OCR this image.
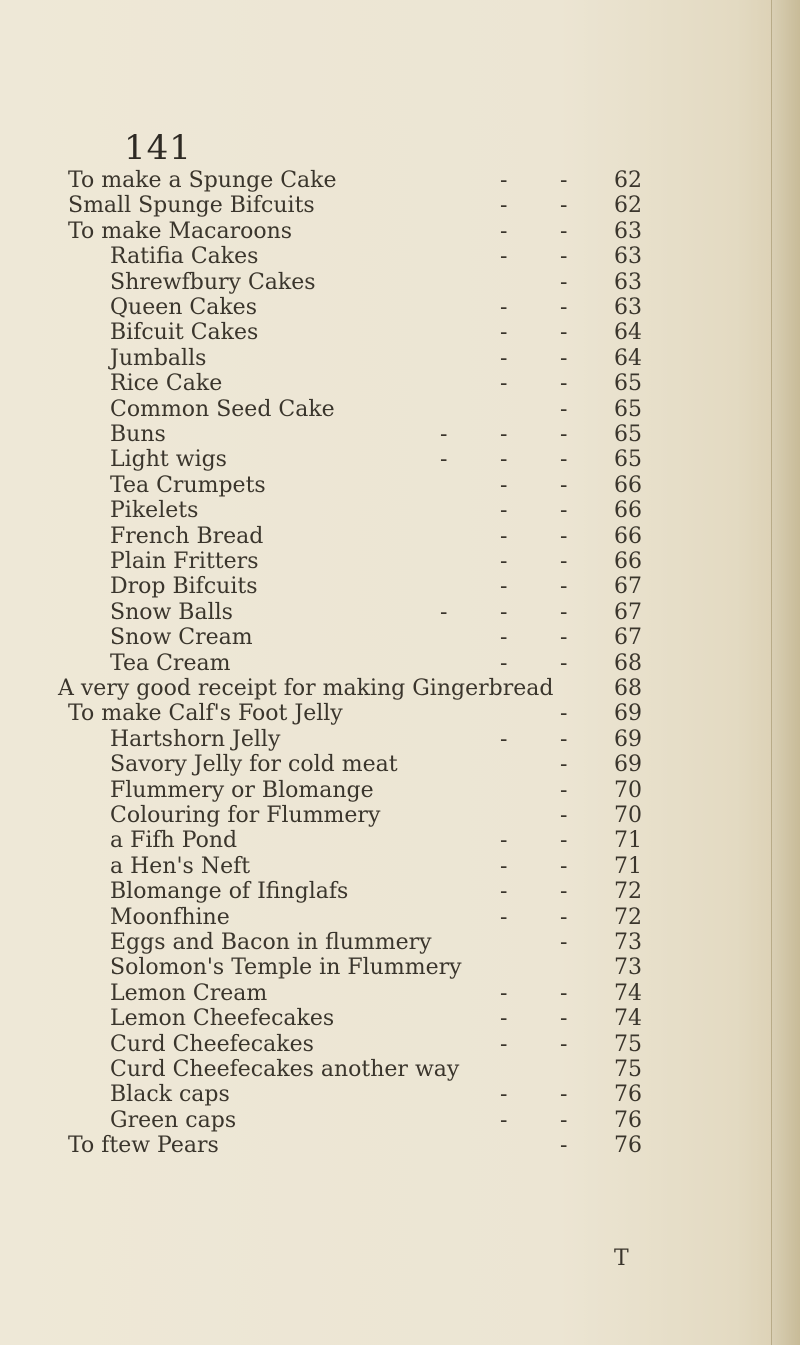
141
To make a Spunge Cake	- - 62
Small Spunge Bifcuits	- - 62
To make Macaroons	- - 63
Ratifia Cakes	- - 63
Shrewfbury Cakes	- 63
Queen Cakes	- - 63
Bifcuit Cakes	- - 64
Jumballs	- - 64
Rice Cake	- - 65
Common Seed Cake	- 65
Buns	- - - 65
Light wigs	- - - 65
Tea Crumpets	- - 66
Pikelets	- - 66
French Bread	- - 66
Plain Fritters	- - 66
Drop Bifcuits	- - 67
Snow Balls	- - - 67
Snow Cream	- - 67
Tea Cream	- - 68
A very good receipt for making Gingerbread	68
To make Calf's Foot Jelly	- 69
Hartshorn Jelly	- - 69
Savory Jelly for cold meat	- 69
Flummery or Blomange	- 70
Colouring for Flummery	- 70
a Fifh Pond	- - 71
a Hen's Neft	- - 71
Blomange of Ifinglafs	- - 72
Moonfhine	- - 72
Eggs and Bacon in flummery	- 73
Solomon's Temple in Flummery	73
Lemon Cream	- - 74
Lemon Cheefecakes	- - 74
Curd Cheefecakes	- - 75
Curd Cheefecakes another way	75
Black caps	- - 76
Green caps	- - 76
To ftew Pears	- 76
T
